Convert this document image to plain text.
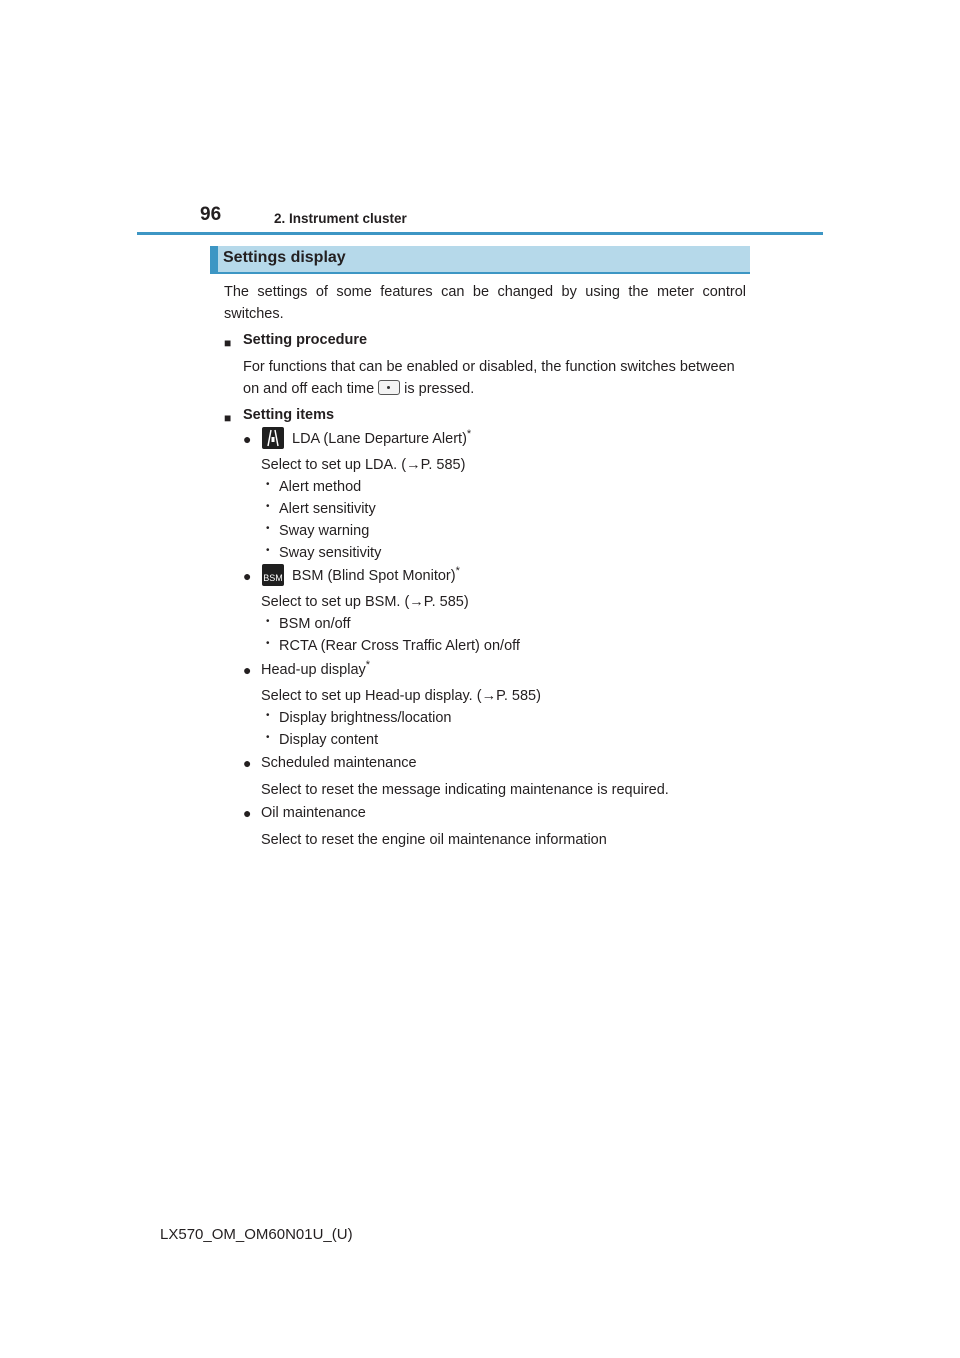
96	2. Instrument cluster
Settings display
The settings of some features can be changed by using the meter control switches.
■ Setting procedure
For functions that can be enabled or disabled, the function switches between
on and off each time is pressed.
■ Setting items
●	LDA (Lane Departure Alert)*
Select to set up LDA. (→P. 585)
• Alert method
• Alert sensitivity
• Sway warning
• Sway sensitivity
● BSM BSM (Blind Spot Monitor)*
Select to set up BSM. (→P. 585)
• BSM on/off
• RCTA (Rear Cross Traffic Alert) on/off
● Head-up display*
Select to set up Head-up display. (→P. 585)
• Display brightness/location
• Display content
● Scheduled maintenance
Select to reset the message indicating maintenance is required.
● Oil maintenance
Select to reset the engine oil maintenance information
LX570_OM_OM60N01U_(U)
